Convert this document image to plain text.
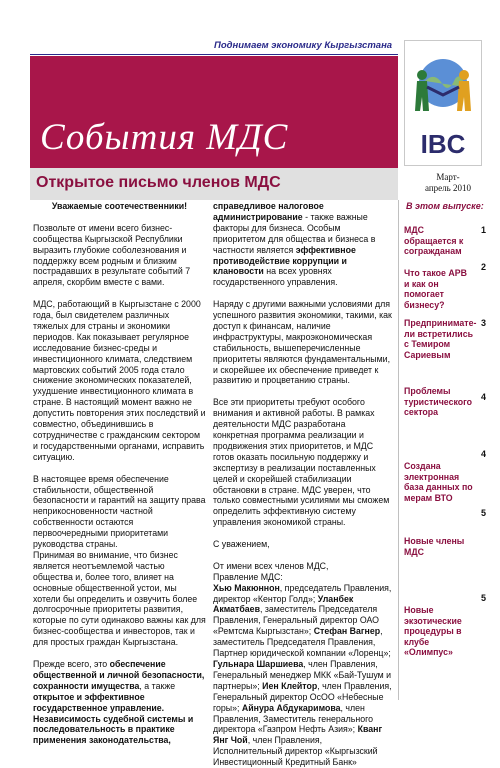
Поднимаем экономику Кыргызстана
События МДС	IBC
Открытое письмо членов МДС	Март-
апрель 2010
Уважаемые соотечественники!

Позвольте от имени всего бизнес-сообщества Кыргызской Республики выразить глубокие соболезнования и поддержку всем родным и близким пострадавших в результате событий 7 апреля, скорбим вместе с вами.

МДС, работающий в Кыргызстане с 2000 года, был свидетелем различных тяжелых для страны и экономики периодов. Как показывает регулярное исследование бизнес-среды и инвестиционного климата, следствием мартовских событий 2005 года стало снижение экономических показателей, ухудшение инвестиционного климата в стране. В настоящий момент важно не допустить повторения этих последствий и совместно, объединившись в сотрудничестве с гражданским сектором и государственными органами, исправить ситуацию.

В настоящее время обеспечение стабильности, общественной безопасности и гарантий на защиту права неприкосновенности частной собственности остаются первоочередными приоритетами руководства страны.

Принимая во внимание, что бизнес является неотъемлемой частью общества и, более того, влияет на основные общественной устои, мы хотели бы определить и озвучить более долгосрочные приоритеты развития, которые по сути одинаково важны как для бизнес-сообщества и инвесторов, так и для простых граждан Кыргызстана.

Прежде всего, это обеспечение общественной и личной безопасности, сохранности имущества, а также открытое и эффективное государственное управление. Независимость судебной системы и последовательность в практике применения законодательства,

справедливое налоговое администрирование - также важные факторы для бизнеса. Особым приоритетом для общества и бизнеса в частности является эффективное противодействие коррупции и клановости на всех уровнях государственного управления.

Наряду с другими важными условиями для успешного развития экономики, такими, как доступ к финансам, наличие инфраструктуры, макроэкономическая стабильность, вышеперечисленные приоритеты являются фундаментальными, и скорейшее их обеспечение приведет к развитию и процветанию страны.

Все эти приоритеты требуют особого внимания и активной работы. В рамках деятельности МДС разработана конкретная программа реализации и продвижения этих приоритетов, и МДС готов оказать посильную поддержку и экспертизу в реализации поставленных целей и скорейшей стабилизации обстановки в стране. МДС уверен, что только совместными усилиями мы сможем определить эффективную систему управления экономикой страны.

С уважением,

От имени всех членов МДС,
Правление МДС:
Хью Макюннон, председатель Правления, директор «Кентор Голд»; Уланбек Акматбаев, заместитель Председателя Правления, Генеральный директор ОАО «Ремтсма Кыргызстан»; Стефан Вагнер, заместитель Председателя Правления, Партнер юридической компании «Лоренц»; Гульнара Шаршиева, член Правления, Генеральный менеджер МКК «Бай-Тушум и партнеры»; Иен Клейтор, член Правления, Генеральный директор ОсОО «Небесные горы»; Айнура Абдукаримова, член Правления, Заместитель генерального директора «Газпром Нефть Азия»; Кванг Янг Чой, член Правления, Исполнительный директор «Кыргызский Инвестиционный Кредитный Банк»
В этом выпуске:
МДС обращается к согражданам
1
Что такое АРВ и как он помогает бизнесу?
2
Предпринимате-ли встретились с Темиром Сариевым
3
Проблемы туристического сектора
4
Создана электронная база данных по мерам ВТО
4
Новые члены МДС
5
Новые экзотические процедуры в клубе «Олимпус»
5
